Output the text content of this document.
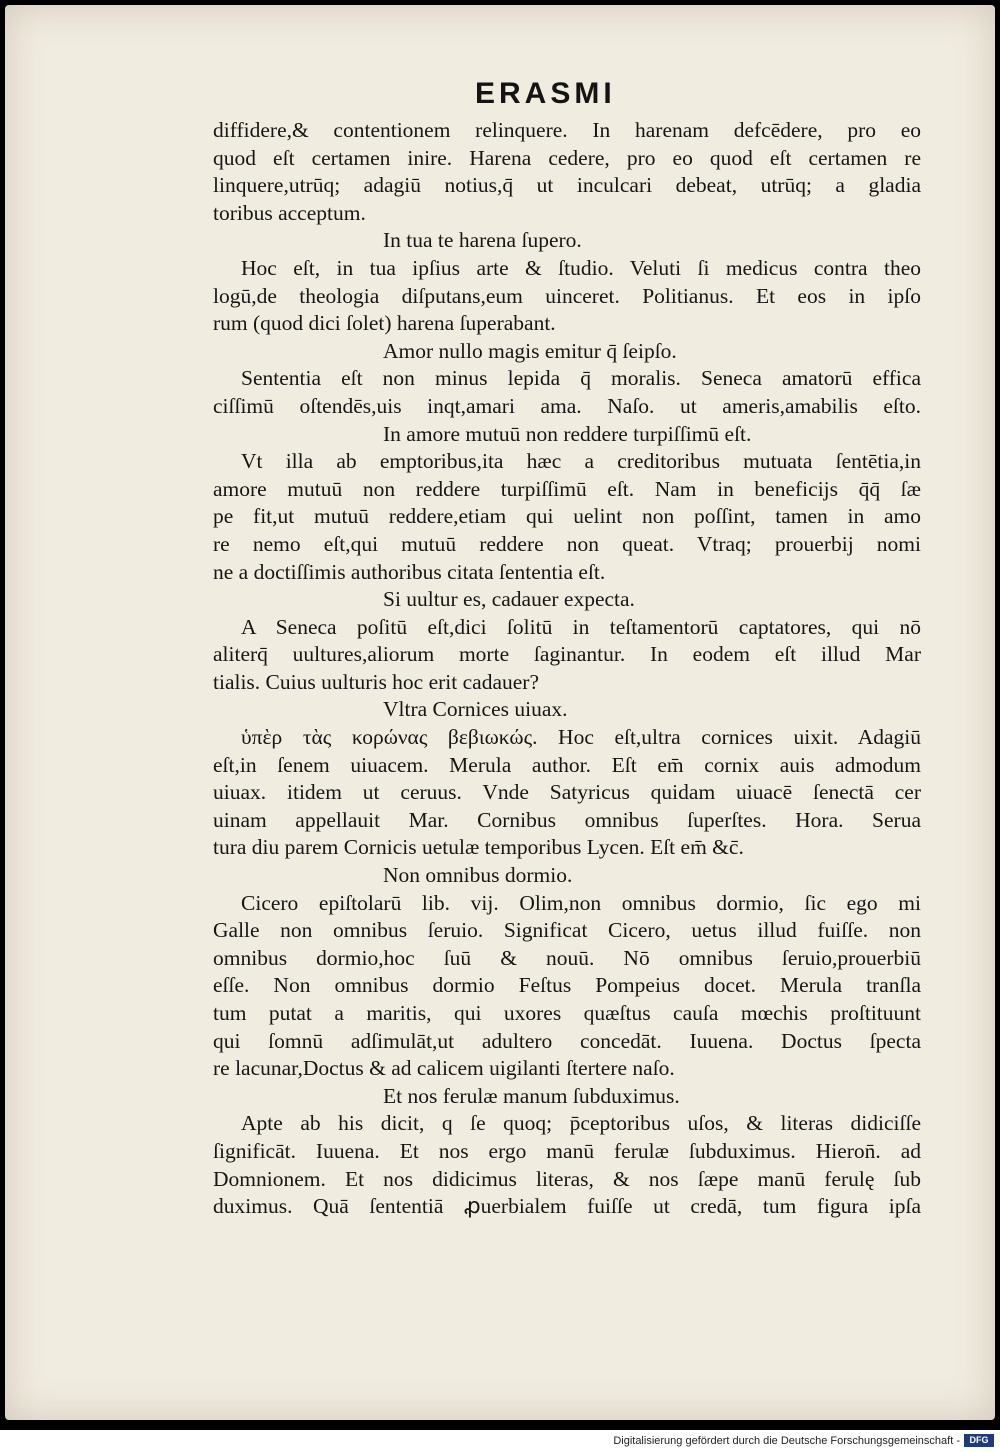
ERASMI
diffidere,& contentionem relinquere. In harenam defcēdere, pro eo
quod eſt certamen inire. Harena cedere, pro eo quod eſt certamen re
linquere,utrūq; adagiū notius,q̄ ut inculcari debeat, utrūq; a gladia
toribus acceptum.
In tua te harena ſupero.
Hoc eſt, in tua ipſius arte & ſtudio. Veluti ſi medicus contra theo
logū,de theologia diſputans,eum uinceret. Politianus. Et eos in ipſo
rum (quod dici ſolet) harena ſuperabant.
Amor nullo magis emitur q̄ ſeipſo.
Sententia eſt non minus lepida q̄ moralis. Seneca amatorū effica
ciſſimū oſtendēs,uis inqt,amari ama. Naſo. ut ameris,amabilis eſto.
In amore mutuū non reddere turpiſſimū eſt.
Vt illa ab emptoribus,ita hæc a creditoribus mutuata ſentētia,in
amore mutuū non reddere turpiſſimū eſt. Nam in beneficijs q̄q̄ ſæ
pe fit,ut mutuū reddere,etiam qui uelint non poſſint, tamen in amo
re nemo eſt,qui mutuū reddere non queat. Vtraq; prouerbij nomi
ne a doctiſſimis authoribus citata ſententia eſt.
Si uultur es, cadauer expecta.
A Seneca poſitū eſt,dici ſolitū in teſtamentorū captatores, qui nō
aliterq̄ uultures,aliorum morte ſaginantur. In eodem eſt illud Mar
tialis. Cuius uulturis hoc erit cadauer?
Vltra Cornices uiuax.
ὑπὲρ τὰς κορώνας βεβιωκώς. Hoc eſt,ultra cornices uixit. Adagiū
eſt,in ſenem uiuacem. Merula author. Eſt em̄ cornix auis admodum
uiuax. itidem ut ceruus. Vnde Satyricus quidam uiuacē ſenectā cer
uinam appellauit Mar. Cornibus omnibus ſuperſtes. Hora. Serua
tura diu parem Cornicis uetulæ temporibus Lycen. Eſt em̄ &c̄.
Non omnibus dormio.
Cicero epiſtolarū lib. vij. Olim,non omnibus dormio, ſic ego mi
Galle non omnibus ſeruio. Significat Cicero, uetus illud fuiſſe. non
omnibus dormio,hoc ſuū & nouū. Nō omnibus ſeruio,prouerbiū
eſſe. Non omnibus dormio Feſtus Pompeius docet. Merula tranſla
tum putat a maritis, qui uxores quæſtus cauſa mœchis proſtituunt
qui ſomnū adſimulāt,ut adultero concedāt. Iuuena. Doctus ſpecta
re lacunar,Doctus & ad calicem uigilanti ſtertere naſo.
Et nos ferulæ manum ſubduximus.
Apte ab his dicit, q ſe quoq; p̄ceptoribus uſos, & literas didiciſſe
ſignificāt. Iuuena. Et nos ergo manū ferulæ ſubduximus. Hieron̄. ad
Domnionem. Et nos didicimus literas, & nos ſæpe manū ferulę ſub
duximus. Quā ſententiā ꝓuerbialem fuiſſe ut credā, tum figura ipſa
Digitalisierung gefördert durch die Deutsche Forschungsgemeinschaft -	DFG
